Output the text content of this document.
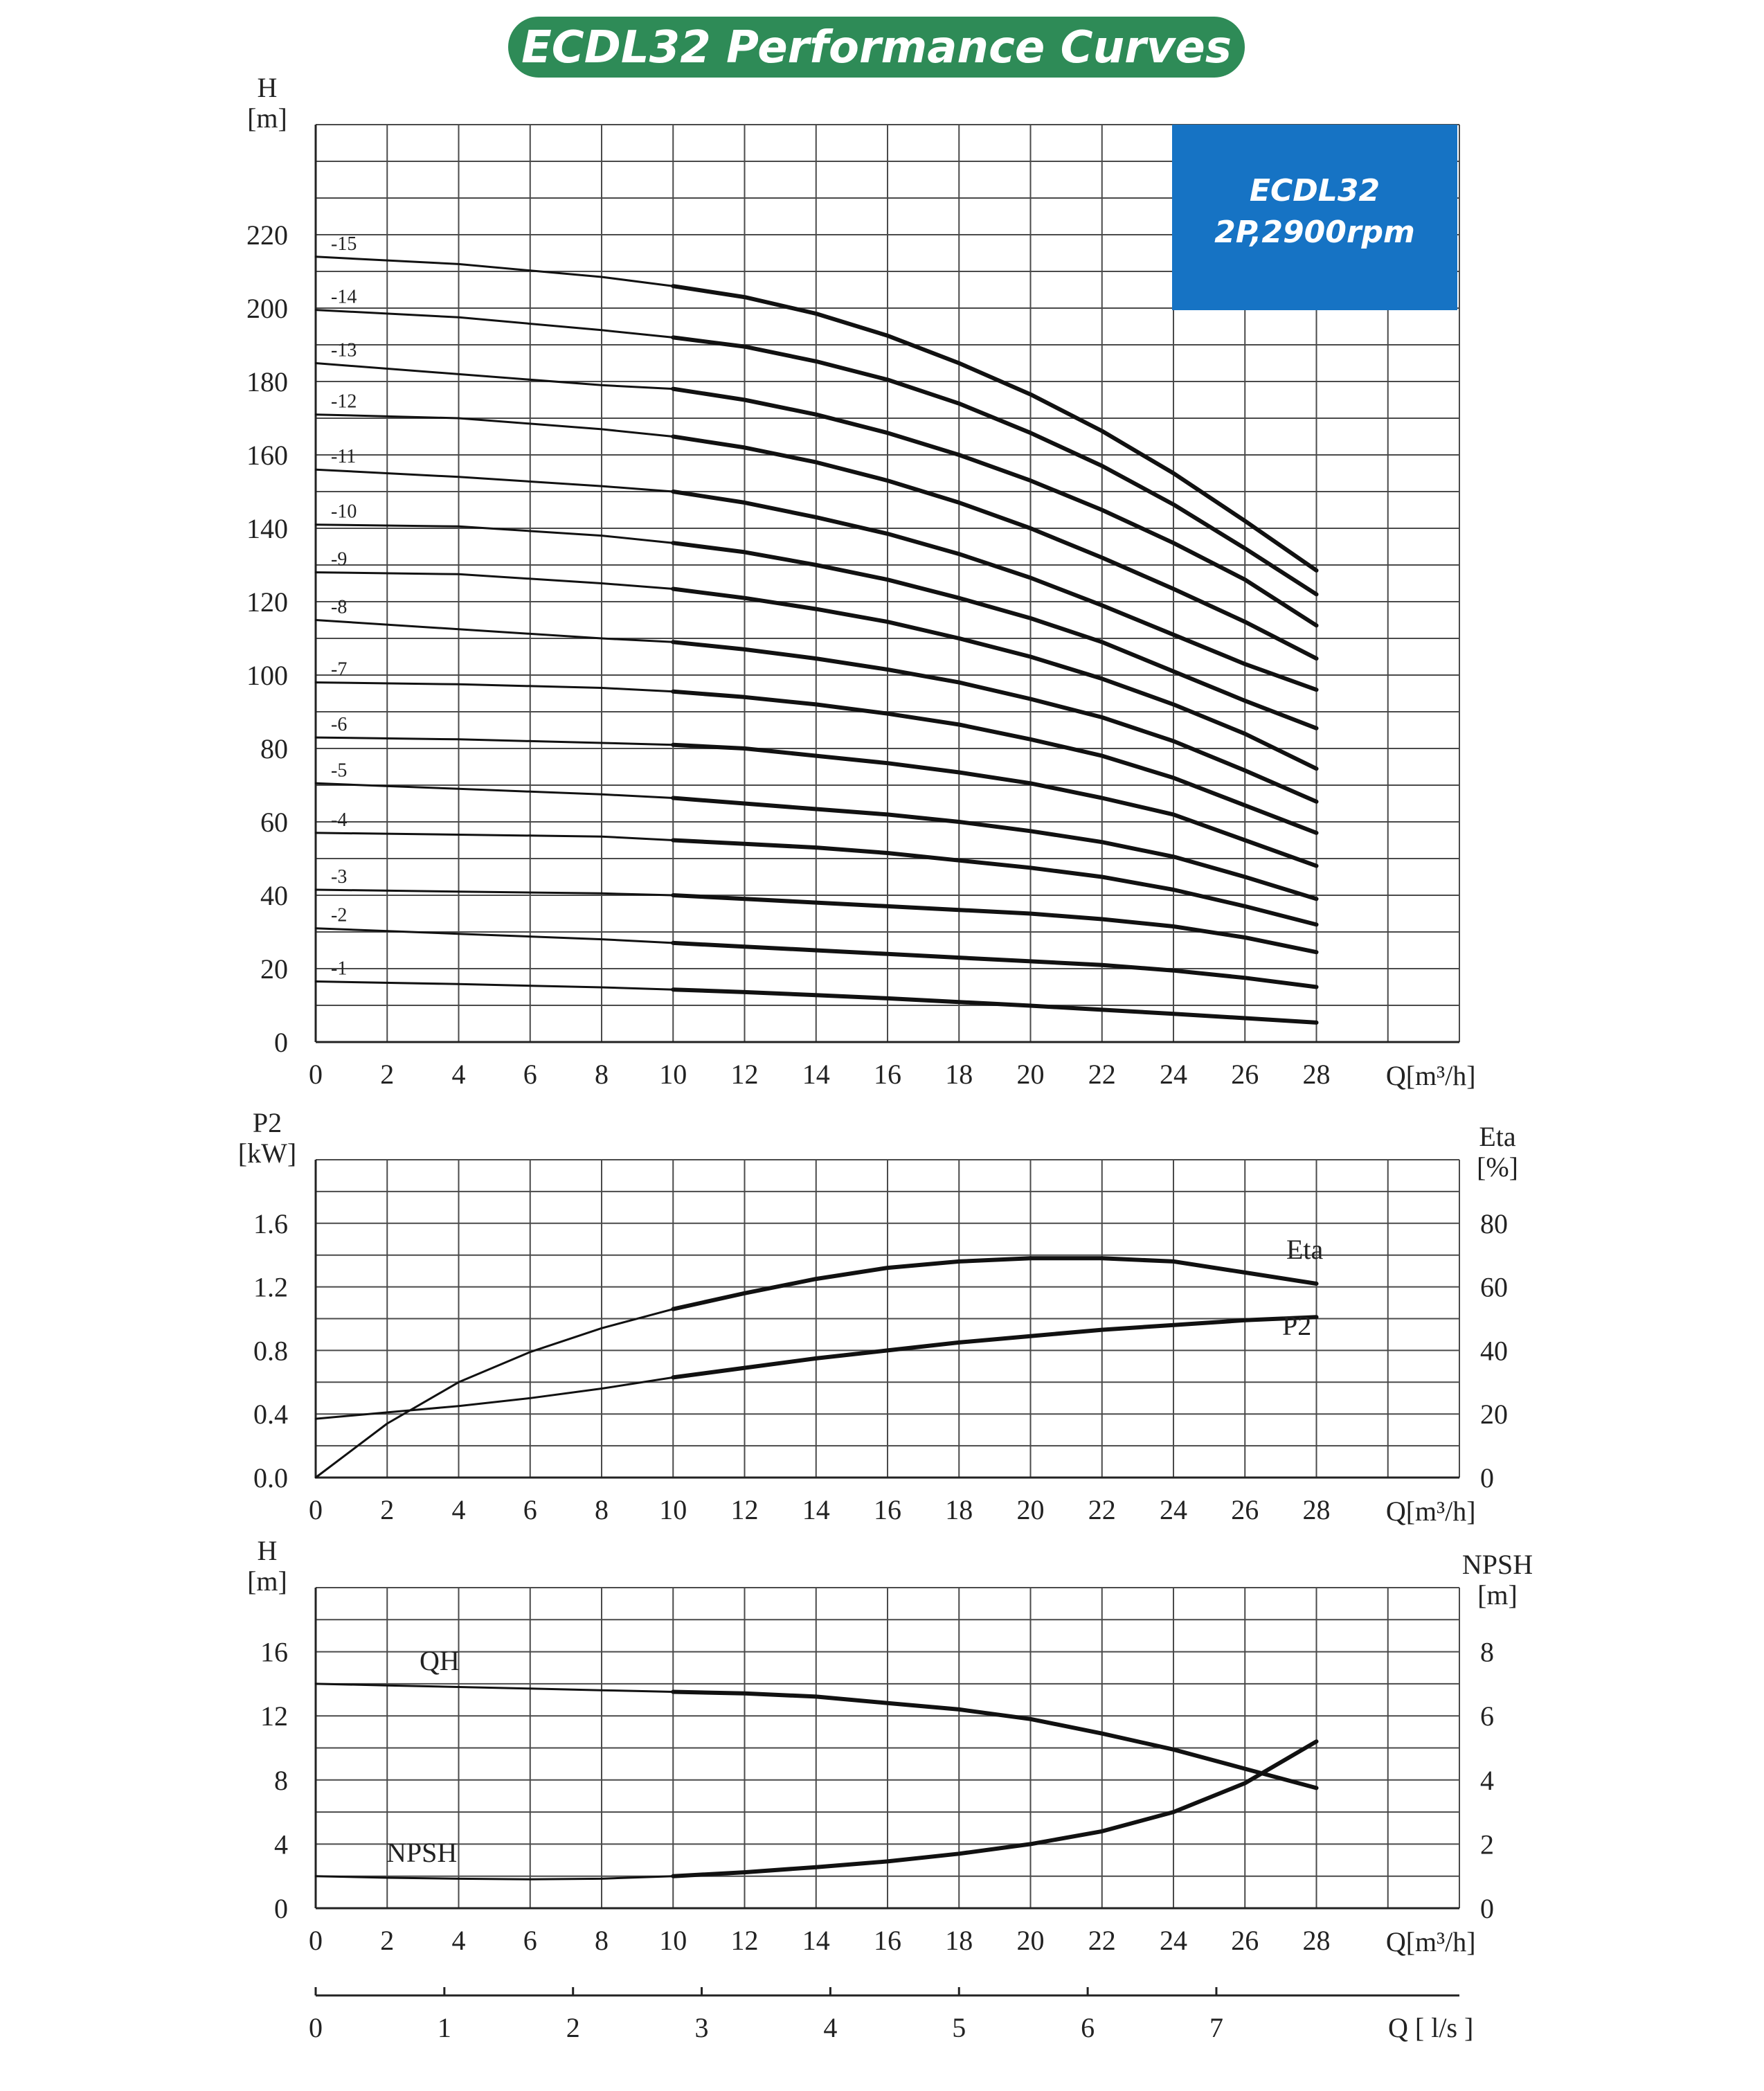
ECDL32 Performance Curves
0 2 4 6 8 10 12 14 16 18 20 22 24 26 28 Q[m³/h]
0
20
40
60
80
100
120
140
160
180
200
220
H
[m]
-1
-2
-3
-4
-5
-6
-7
-8
-9
-10
-11
-12
-13
-14
-15
0 2 4 6 8 10 12 14 16 18 20 22 24 26 28 Q[m³/h]
0.0
0.4
0.8
1.2
1.6
P2
[kW]
0
20
40
60
80
Eta
[%]
Eta
P2
0 2 4 6 8 10 12 14 16 18 20 22 24 26 28 Q[m³/h]
0
4
8
12
16
H
[m]
0
2
4
6
8
NPSH
[m]
QH
NPSH
0	1	2	3	4	5	6	7	Q [ l/s ]
ECDL32
2P,2900rpm
